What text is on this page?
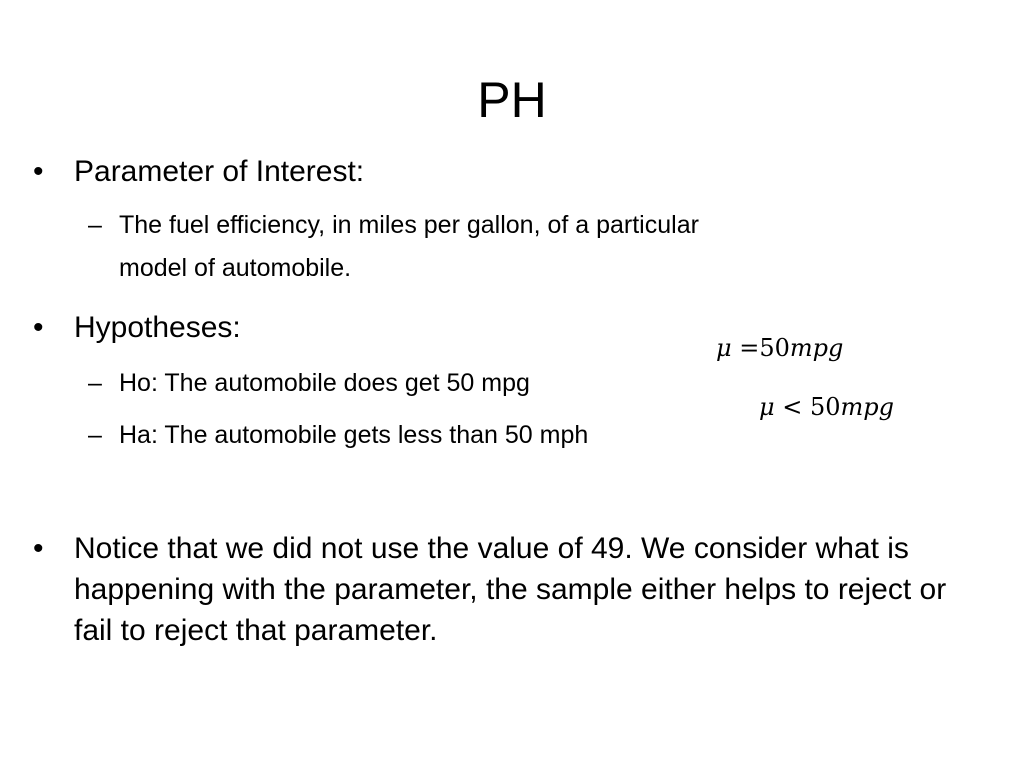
PH
•	Parameter of Interest:
– The fuel efficiency, in miles per gallon, of a particular
model of automobile.
•	Hypotheses:
– Ho: The automobile does get 50 mpg
– Ha: The automobile gets less than 50 mph
μ =50mpg
μ < 50mpg
• Notice that we did not use the value of 49. We consider what is happening with the parameter, the sample either helps to reject or fail to reject that parameter.
